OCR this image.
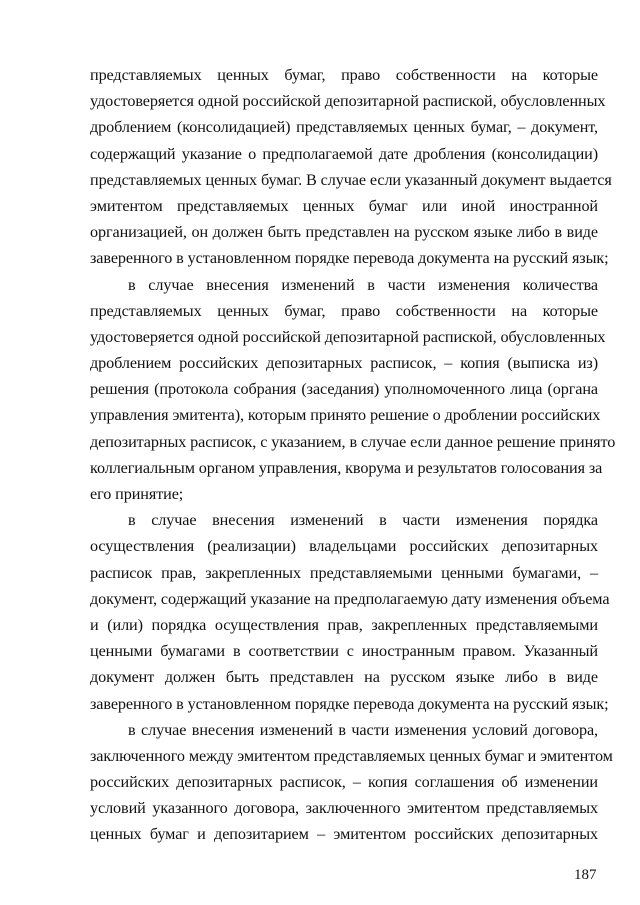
представляемых ценных бумаг, право собственности на которые
удостоверяется одной российской депозитарной распиской, обусловленных
дроблением (консолидацией) представляемых ценных бумаг, – документ,
содержащий указание о предполагаемой дате дробления (консолидации)
представляемых ценных бумаг. В случае если указанный документ выдается
эмитентом представляемых ценных бумаг или иной иностранной
организацией, он должен быть представлен на русском языке либо в виде
заверенного в установленном порядке перевода документа на русский язык;

в случае внесения изменений в части изменения количества
представляемых ценных бумаг, право собственности на которые
удостоверяется одной российской депозитарной распиской, обусловленных
дроблением российских депозитарных расписок, – копия (выписка из)
решения (протокола собрания (заседания) уполномоченного лица (органа
управления эмитента), которым принято решение о дроблении российских
депозитарных расписок, с указанием, в случае если данное решение принято
коллегиальным органом управления, кворума и результатов голосования за
его принятие;

в случае внесения изменений в части изменения порядка
осуществления (реализации) владельцами российских депозитарных
расписок прав, закрепленных представляемыми ценными бумагами, –
документ, содержащий указание на предполагаемую дату изменения объема
и (или) порядка осуществления прав, закрепленных представляемыми
ценными бумагами в соответствии с иностранным правом. Указанный
документ должен быть представлен на русском языке либо в виде
заверенного в установленном порядке перевода документа на русский язык;

в случае внесения изменений в части изменения условий договора,
заключенного между эмитентом представляемых ценных бумаг и эмитентом
российских депозитарных расписок, – копия соглашения об изменении
условий указанного договора, заключенного эмитентом представляемых
ценных бумаг и депозитарием – эмитентом российских депозитарных

187
